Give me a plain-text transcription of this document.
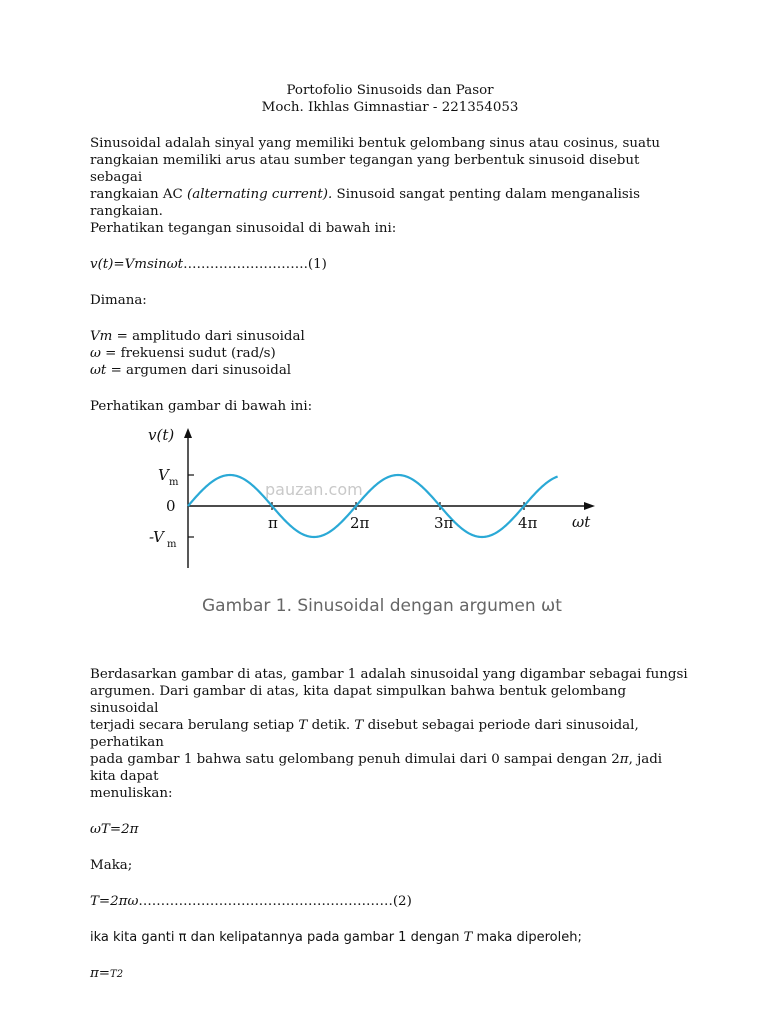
Portofolio Sinusoids dan Pasor
Moch. Ikhlas Gimnastiar - 221354053

Sinusoidal adalah sinyal yang memiliki bentuk gelombang sinus atau cosinus, suatu

rangkaian memiliki arus atau sumber tegangan yang berbentuk sinusoid disebut sebagai

rangkaian AC (alternating current). Sinusoid sangat penting dalam menganalisis rangkaian.

Perhatikan tegangan sinusoidal di bawah ini:

v(t)=Vmsinωt……………………….(1)

Dimana:

Vm = amplitudo dari sinusoidal

ω = frekuensi sudut (rad/s)

ωt = argumen dari sinusoidal

Perhatikan gambar di bawah ini:

π	2π	3π	4π
pauzan.com
v(t)
ωt
V m
0
-V m
Gambar 1. Sinusoidal dengan argumen ωt

Berdasarkan gambar di atas, gambar 1 adalah sinusoidal yang digambar sebagai fungsi

argumen. Dari gambar di atas, kita dapat simpulkan bahwa bentuk gelombang sinusoidal

terjadi secara berulang setiap T detik. T disebut sebagai periode dari sinusoidal, perhatikan

pada gambar 1 bahwa satu gelombang penuh dimulai dari 0 sampai dengan 2π, jadi kita dapat

menuliskan:

ωT=2π

Maka;

T=2πω…………………………………………………(2)

ika kita ganti π dan kelipatannya pada gambar 1 dengan T maka diperoleh;

π=T2
